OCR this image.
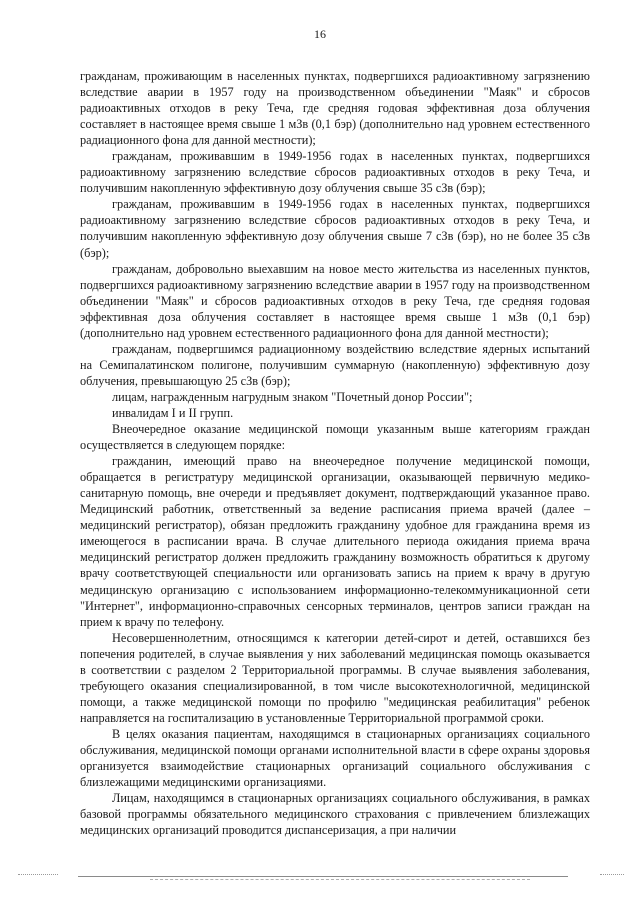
16

гражданам, проживающим в населенных пунктах, подвергшихся радиоактивному загрязнению вследствие аварии в 1957 году на производственном объединении "Маяк" и сбросов радиоактивных отходов в реку Теча, где средняя годовая эффективная доза облучения составляет в настоящее время свыше 1 мЗв (0,1 бэр) (дополнительно над уровнем естественного радиационного фона для данной местности);

гражданам, проживавшим в 1949-1956 годах в населенных пунктах, подвергшихся радиоактивному загрязнению вследствие сбросов радиоактивных отходов в реку Теча, и получившим накопленную эффективную дозу облучения свыше 35 сЗв (бэр);

гражданам, проживавшим в 1949-1956 годах в населенных пунктах, подвергшихся радиоактивному загрязнению вследствие сбросов радиоактивных отходов в реку Теча, и получившим накопленную эффективную дозу облучения свыше 7 сЗв (бэр), но не более 35 сЗв (бэр);

гражданам, добровольно выехавшим на новое место жительства из населенных пунктов, подвергшихся радиоактивному загрязнению вследствие аварии в 1957 году на производственном объединении "Маяк" и сбросов радиоактивных отходов в реку Теча, где средняя годовая эффективная доза облучения составляет в настоящее время свыше 1 мЗв (0,1 бэр) (дополнительно над уровнем естественного радиационного фона для данной местности);

гражданам, подвергшимся радиационному воздействию вследствие ядерных испытаний на Семипалатинском полигоне, получившим суммарную (накопленную) эффективную дозу облучения, превышающую 25 сЗв (бэр);

лицам, награжденным нагрудным знаком "Почетный донор России";

инвалидам I и II групп.

Внеочередное оказание медицинской помощи указанным выше категориям граждан осуществляется в следующем порядке:

гражданин, имеющий право на внеочередное получение медицинской помощи, обращается в регистратуру медицинской организации, оказывающей первичную медико-санитарную помощь, вне очереди и предъявляет документ, подтверждающий указанное право. Медицинский работник, ответственный за ведение расписания приема врачей (далее – медицинский регистратор), обязан предложить гражданину удобное для гражданина время из имеющегося в расписании врача. В случае длительного периода ожидания приема врача медицинский регистратор должен предложить гражданину возможность обратиться к другому врачу соответствующей специальности или организовать запись на прием к врачу в другую медицинскую организацию с использованием информационно-телекоммуникационной сети "Интернет", информационно-справочных сенсорных терминалов, центров записи граждан на прием к врачу по телефону.

Несовершеннолетним, относящимся к категории детей-сирот и детей, оставшихся без попечения родителей, в случае выявления у них заболеваний медицинская помощь оказывается в соответствии с разделом 2 Территориальной программы. В случае выявления заболевания, требующего оказания специализированной, в том числе высокотехнологичной, медицинской помощи, а также медицинской помощи по профилю "медицинская реабилитация" ребенок направляется на госпитализацию в установленные Территориальной программой сроки.

В целях оказания пациентам, находящимся в стационарных организациях социального обслуживания, медицинской помощи органами исполнительной власти в сфере охраны здоровья организуется взаимодействие стационарных организаций социального обслуживания с близлежащими медицинскими организациями.

Лицам, находящимся в стационарных организациях социального обслуживания, в рамках базовой программы обязательного медицинского страхования с привлечением близлежащих медицинских организаций проводится диспансеризация, а при наличии
